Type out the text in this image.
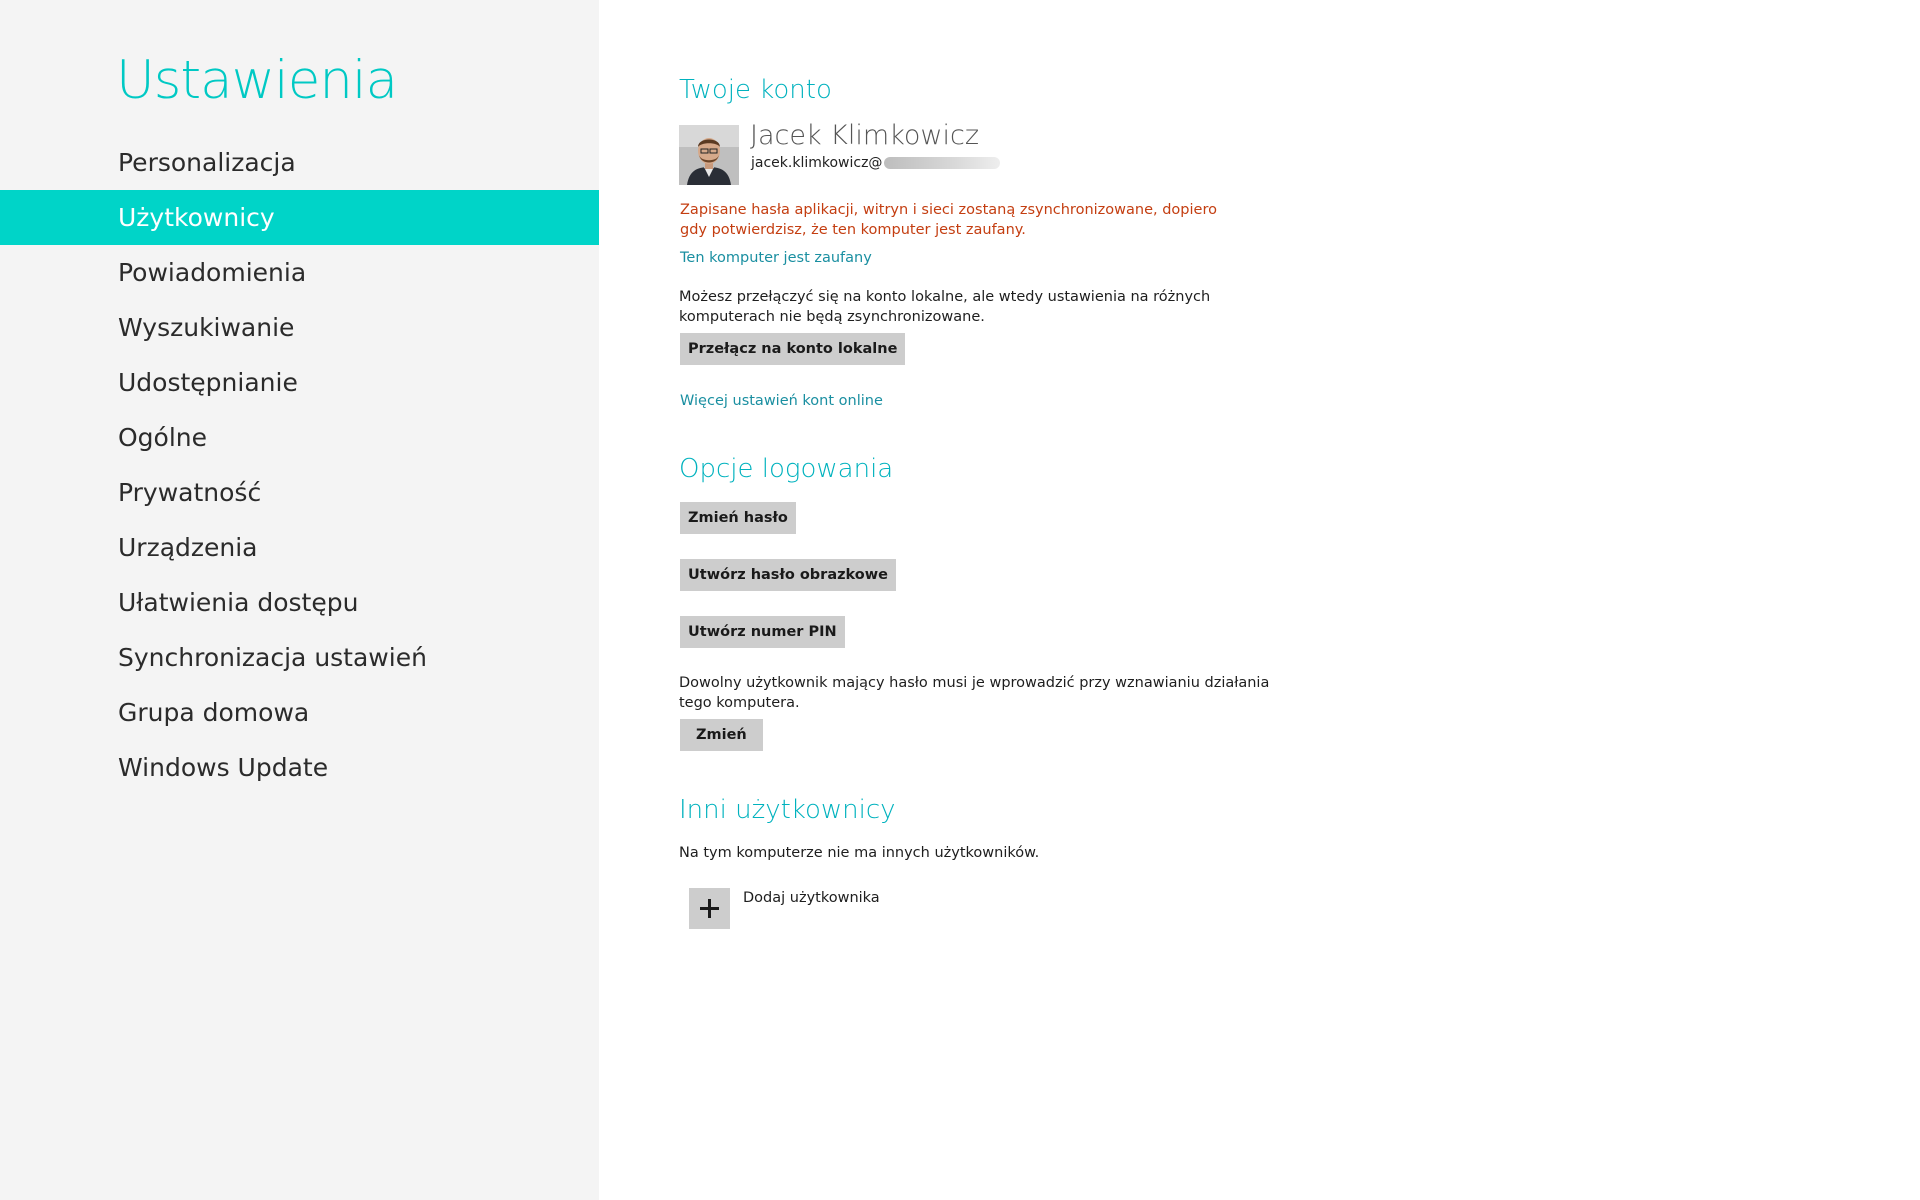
Ustawienia
Personalizacja
Użytkownicy
Powiadomienia
Wyszukiwanie
Udostępnianie
Ogólne
Prywatność
Urządzenia
Ułatwienia dostępu
Synchronizacja ustawień
Grupa domowa
Windows Update
Twoje konto
Jacek Klimkowicz
jacek.klimkowicz@
Zapisane hasła aplikacji, witryn i sieci zostaną zsynchronizowane, dopiero gdy potwierdzisz, że ten komputer jest zaufany.
Ten komputer jest zaufany
Możesz przełączyć się na konto lokalne, ale wtedy ustawienia na różnych komputerach nie będą zsynchronizowane.
Przełącz na konto lokalne
Więcej ustawień kont online
Opcje logowania
Zmień hasło
Utwórz hasło obrazkowe
Utwórz numer PIN
Dowolny użytkownik mający hasło musi je wprowadzić przy wznawianiu działania tego komputera.
Zmień
Inni użytkownicy
Na tym komputerze nie ma innych użytkowników.
Dodaj użytkownika
